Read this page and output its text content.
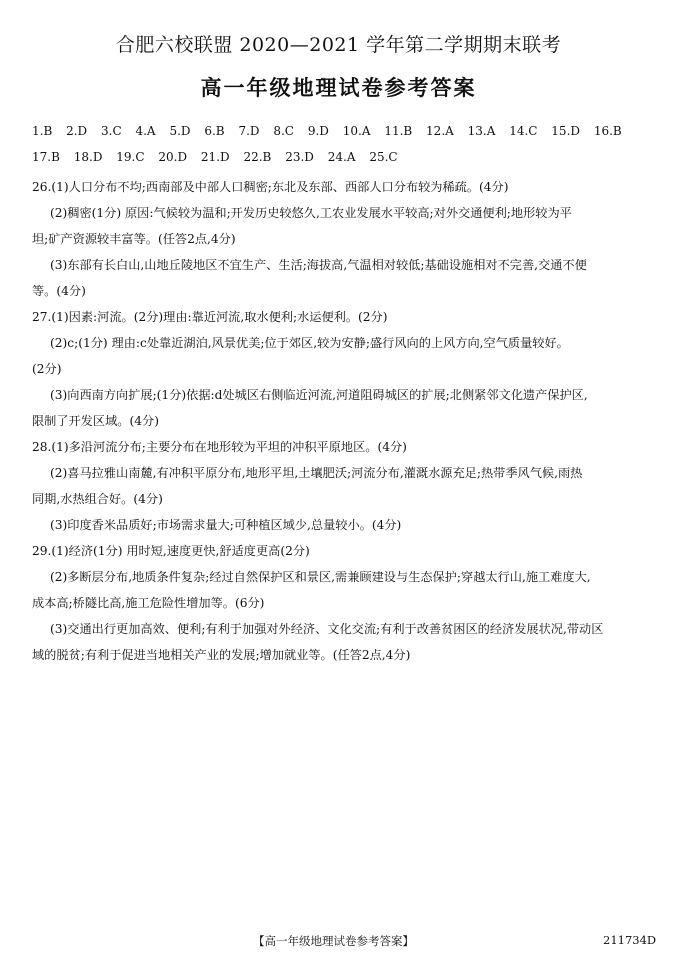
合肥六校联盟 2020—2021 学年第二学期期末联考
高一年级地理试卷参考答案
1.B 2.D 3.C 4.A 5.D 6.B 7.D 8.C 9.D 10.A 11.B 12.A 13.A 14.C 15.D 16.B
17.B 18.D 19.C 20.D 21.D 22.B 23.D 24.A 25.C
26.(1)人口分布不均;西南部及中部人口稠密;东北及东部、西部人口分布较为稀疏。(4分)
(2)稠密(1分) 原因:气候较为温和;开发历史较悠久,工农业发展水平较高;对外交通便利;地形较为平
坦;矿产资源较丰富等。(任答2点,4分)
(3)东部有长白山,山地丘陵地区不宜生产、生活;海拔高,气温相对较低;基础设施相对不完善,交通不便
等。(4分)
27.(1)因素:河流。(2分)理由:靠近河流,取水便利;水运便利。(2分)
(2)c;(1分) 理由:c处靠近湖泊,风景优美;位于郊区,较为安静;盛行风向的上风方向,空气质量较好。
(2分)
(3)向西南方向扩展;(1分)依据:d处城区右侧临近河流,河道阻碍城区的扩展;北侧紧邻文化遗产保护区,
限制了开发区域。(4分)
28.(1)多沿河流分布;主要分布在地形较为平坦的冲积平原地区。(4分)
(2)喜马拉雅山南麓,有冲积平原分布,地形平坦,土壤肥沃;河流分布,灌溉水源充足;热带季风气候,雨热
同期,水热组合好。(4分)
(3)印度香米品质好;市场需求量大;可种植区域少,总量较小。(4分)
29.(1)经济(1分) 用时短,速度更快,舒适度更高(2分)
(2)多断层分布,地质条件复杂;经过自然保护区和景区,需兼顾建设与生态保护;穿越太行山,施工难度大,
成本高;桥隧比高,施工危险性增加等。(6分)
(3)交通出行更加高效、便利;有利于加强对外经济、文化交流;有利于改善贫困区的经济发展状况,带动区
域的脱贫;有利于促进当地相关产业的发展;增加就业等。(任答2点,4分)
【高一年级地理试卷参考答案】	211734D
